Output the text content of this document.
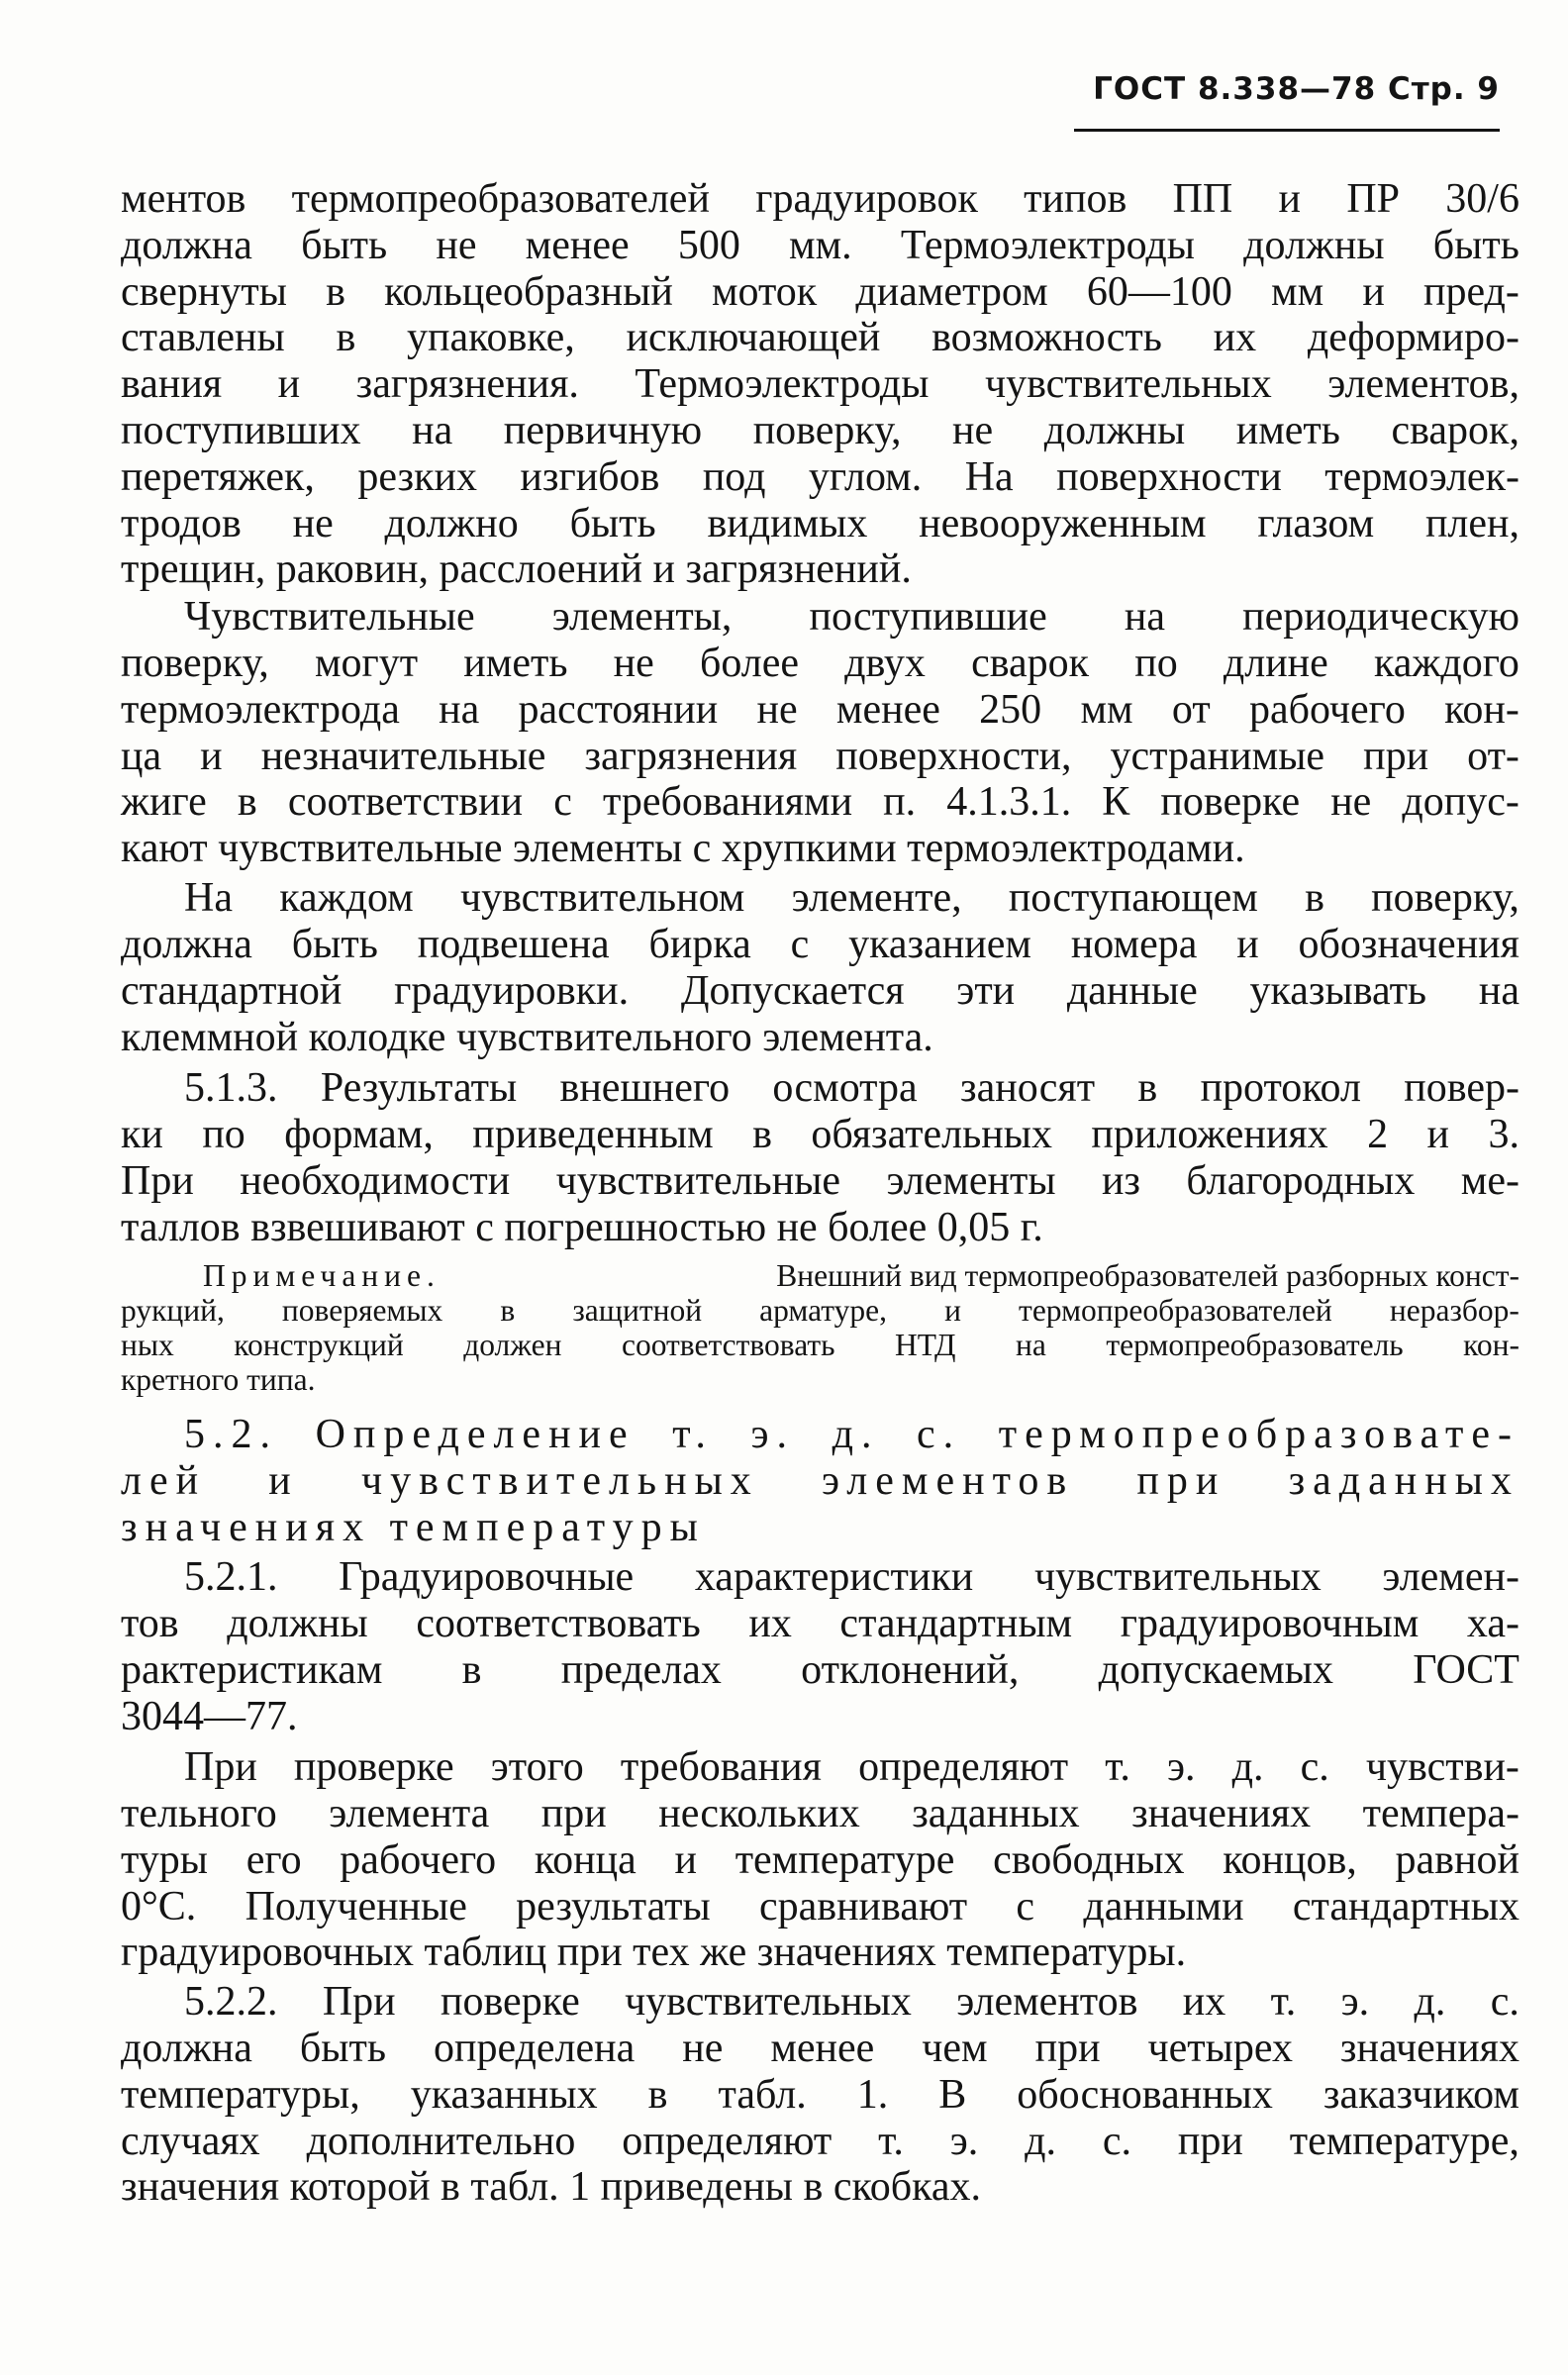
ГОСТ 8.338—78 Стр. 9
ментов термопреобразователей градуировок типов ПП и ПР 30/6
должна быть не менее 500 мм. Термоэлектроды должны быть
свернуты в кольцеобразный моток диаметром 60—100 мм и пред-
ставлены в упаковке, исключающей возможность их деформиро-
вания и загрязнения. Термоэлектроды чувствительных элементов,
поступивших на первичную поверку, не должны иметь сварок,
перетяжек, резких изгибов под углом. На поверхности термоэлек-
тродов не должно быть видимых невооруженным глазом плен,
трещин, раковин, расслоений и загрязнений.
Чувствительные элементы, поступившие на периодическую
поверку, могут иметь не более двух сварок по длине каждого
термоэлектрода на расстоянии не менее 250 мм от рабочего кон-
ца и незначительные загрязнения поверхности, устранимые при от-
жиге в соответствии с требованиями п. 4.1.3.1. К поверке не допус-
кают чувствительные элементы с хрупкими термоэлектродами.
На каждом чувствительном элементе, поступающем в поверку,
должна быть подвешена бирка с указанием номера и обозначения
стандартной градуировки. Допускается эти данные указывать на
клеммной колодке чувствительного элемента.
5.1.3. Результаты внешнего осмотра заносят в протокол повер-
ки по формам, приведенным в обязательных приложениях 2 и 3.
При необходимости чувствительные элементы из благородных ме-
таллов взвешивают с погрешностью не более 0,05 г.
Примечание.	Внешний вид термопреобразователей разборных конст-
рукций, поверяемых в защитной арматуре, и термопреобразователей неразбор-
ных конструкций должен соответствовать НТД на термопреобразователь кон-
кретного типа.
5.2. Определение т. э. д. с. термопреобразовате-
лей и чувствительных элементов при заданных
значениях температуры
5.2.1. Градуировочные характеристики чувствительных элемен-
тов должны соответствовать их стандартным градуировочным ха-
рактеристикам в пределах отклонений, допускаемых ГОСТ
3044—77.
При проверке этого требования определяют т. э. д. с. чувстви-
тельного элемента при нескольких заданных значениях темпера-
туры его рабочего конца и температуре свободных концов, равной
0°С. Полученные результаты сравнивают с данными стандартных
градуировочных таблиц при тех же значениях температуры.
5.2.2. При поверке чувствительных элементов их т. э. д. с.
должна быть определена не менее чем при четырех значениях
температуры, указанных в табл. 1. В обоснованных заказчиком
случаях дополнительно определяют т. э. д. с. при температуре,
значения которой в табл. 1 приведены в скобках.
